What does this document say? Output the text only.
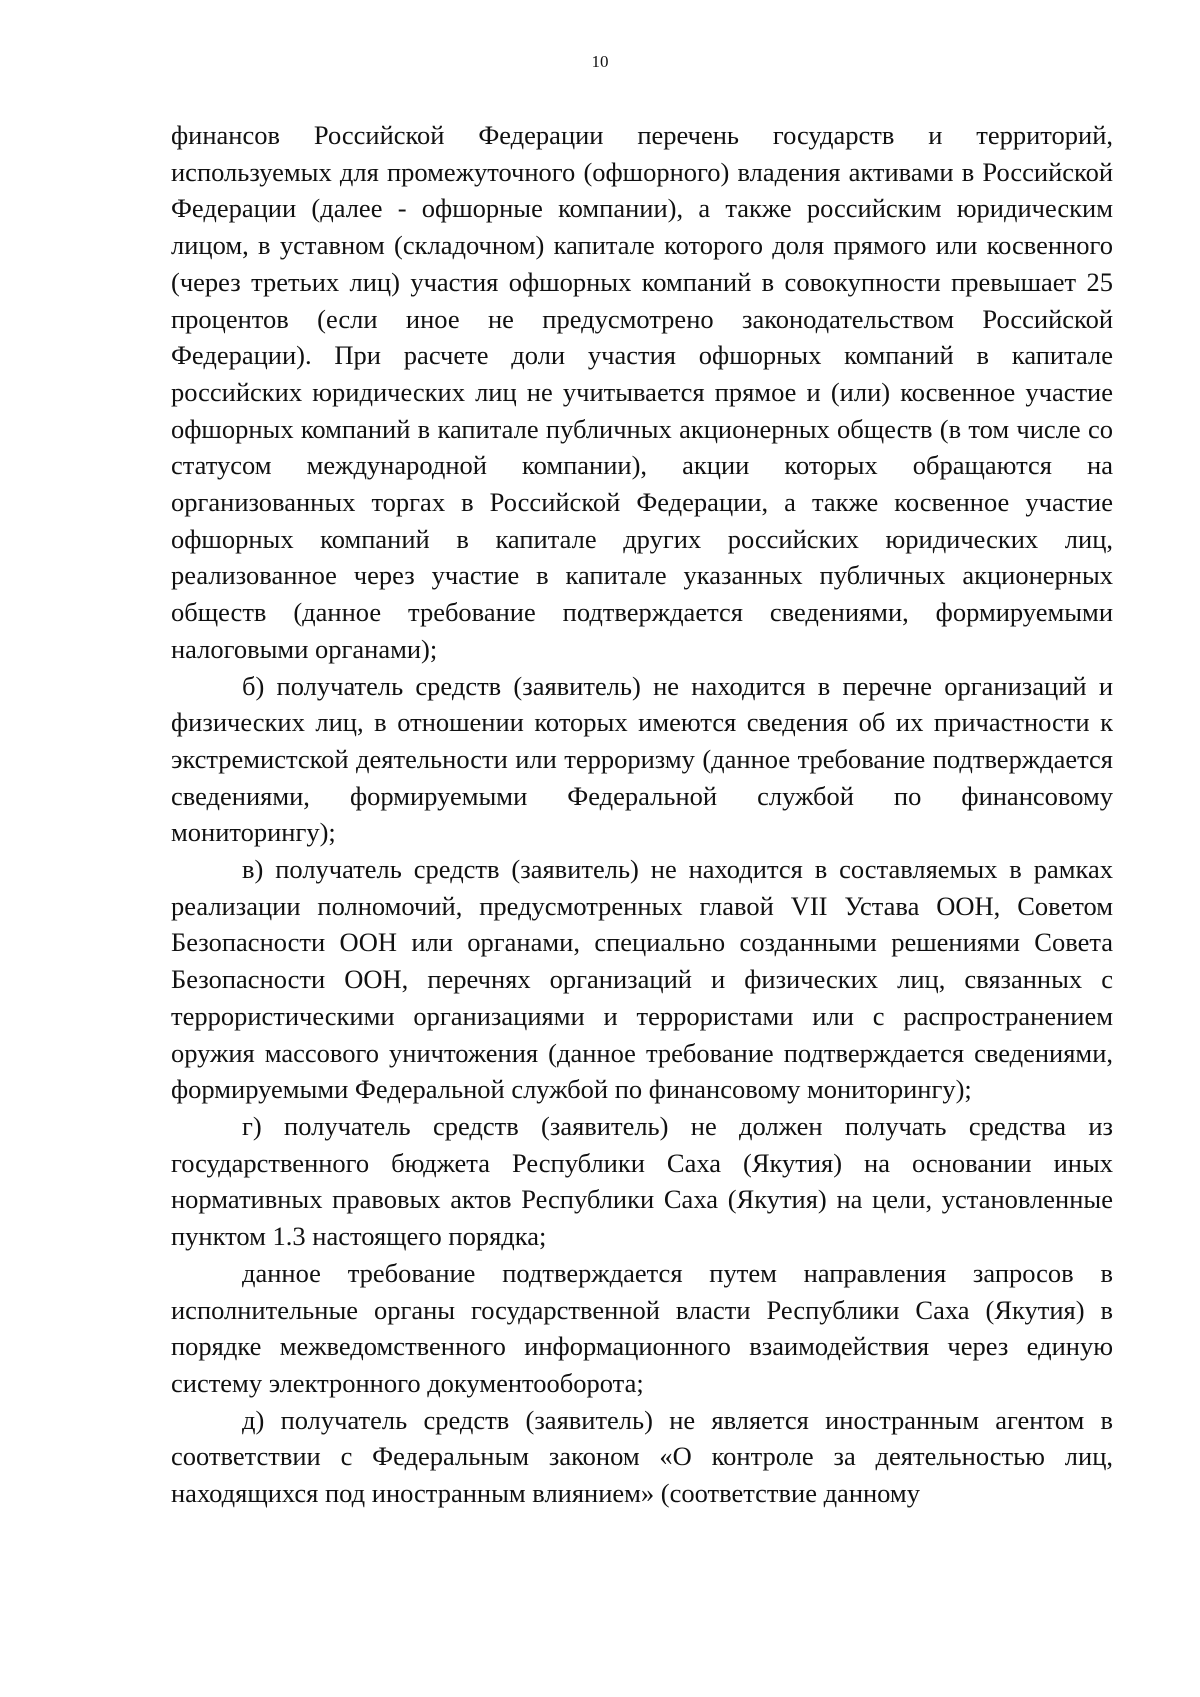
10

финансов Российской Федерации перечень государств и территорий, используемых для промежуточного (офшорного) владения активами в Российской Федерации (далее - офшорные компании), а также российским юридическим лицом, в уставном (складочном) капитале которого доля прямого или косвенного (через третьих лиц) участия офшорных компаний в совокупности превышает 25 процентов (если иное не предусмотрено законодательством Российской Федерации). При расчете доли участия офшорных компаний в капитале российских юридических лиц не учитывается прямое и (или) косвенное участие офшорных компаний в капитале публичных акционерных обществ (в том числе со статусом международной компании), акции которых обращаются на организованных торгах в Российской Федерации, а также косвенное участие офшорных компаний в капитале других российских юридических лиц, реализованное через участие в капитале указанных публичных акционерных обществ (данное требование подтверждается сведениями, формируемыми налоговыми органами);

б) получатель средств (заявитель) не находится в перечне организаций и физических лиц, в отношении которых имеются сведения об их причастности к экстремистской деятельности или терроризму (данное требование подтверждается сведениями, формируемыми Федеральной службой по финансовому мониторингу);

в) получатель средств (заявитель) не находится в составляемых в рамках реализации полномочий, предусмотренных главой VII Устава ООН, Советом Безопасности ООН или органами, специально созданными решениями Совета Безопасности ООН, перечнях организаций и физических лиц, связанных с террористическими организациями и террористами или с распространением оружия массового уничтожения (данное требование подтверждается сведениями, формируемыми Федеральной службой по финансовому мониторингу);

г) получатель средств (заявитель) не должен получать средства из государственного бюджета Республики Саха (Якутия) на основании иных нормативных правовых актов Республики Саха (Якутия) на цели, установленные пунктом 1.3 настоящего порядка;

данное требование подтверждается путем направления запросов в исполнительные органы государственной власти Республики Саха (Якутия) в порядке межведомственного информационного взаимодействия через единую систему электронного документооборота;

д) получатель средств (заявитель) не является иностранным агентом в соответствии с Федеральным законом «О контроле за деятельностью лиц, находящихся под иностранным влиянием» (соответствие данному
